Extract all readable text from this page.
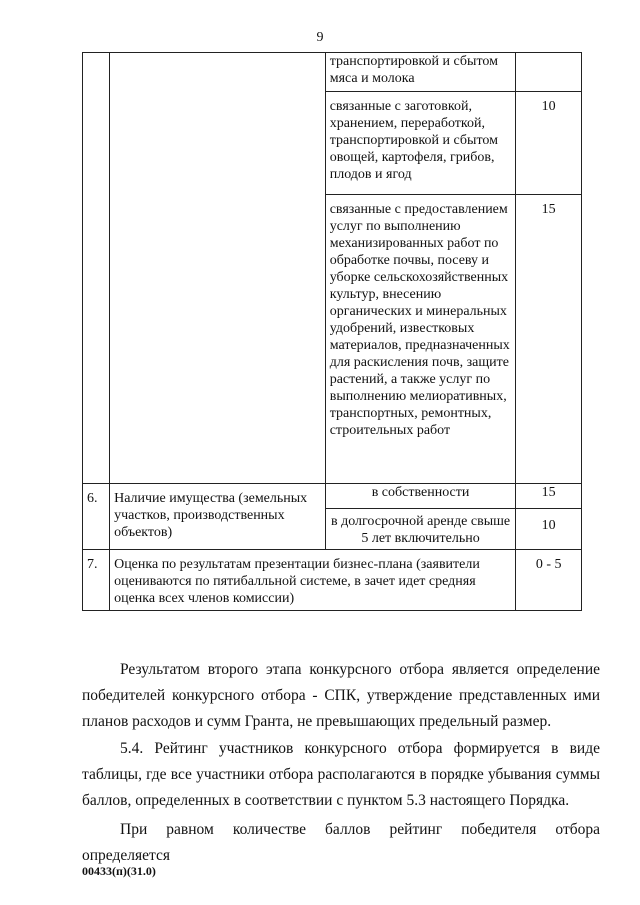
9
		транспортировкой и сбытом мяса и молока	
		связанные с заготовкой, хранением, переработкой, транспортировкой и сбытом овощей, картофеля, грибов, плодов и ягод	10
		связанные с предоставлением услуг по выполнению механизированных работ по обработке почвы, посеву и уборке сельскохозяйственных культур, внесению органических и минеральных удобрений, известковых материалов, предназначенных для раскисления почв, защите растений, а также услуг по выполнению мелиоративных, транспортных, ремонтных, строительных работ	15
6.	Наличие имущества (земельных участков, производственных объектов)	в собственности	15
		в долгосрочной аренде свыше 5 лет включительно	10
7.	Оценка по результатам презентации бизнес-плана (заявители оцениваются по пятибалльной системе, в зачет идет средняя оценка всех членов комиссии)		0 - 5

Результатом второго этапа конкурсного отбора является определение победителей конкурсного отбора - СПК, утверждение представленных ими планов расходов и сумм Гранта, не превышающих предельный размер.

5.4. Рейтинг участников конкурсного отбора формируется в виде таблицы, где все участники отбора располагаются в порядке убывания суммы баллов, определенных в соответствии с пунктом 5.3 настоящего Порядка.

При равном количестве баллов рейтинг победителя отбора определяется

00433(п)(31.0)
